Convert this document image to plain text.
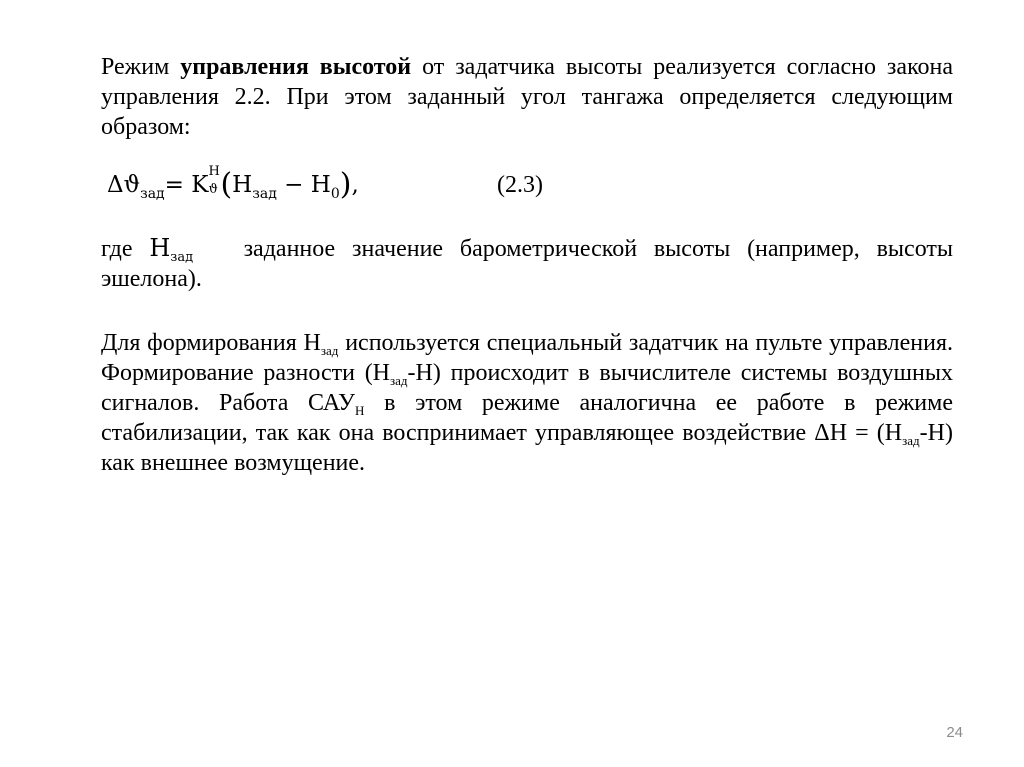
Режим управления высотой от задатчика высоты реализуется согласно закона управления 2.2. При этом заданный угол тангажа определяется следующим образом:

$\Delta ϑ_{зад}= K$
H
ϑ $(H_{зад} - H_0)$,	(2.3)

где $H_{зад}$   заданное значение барометрической высоты (например, высоты эшелона).

Для формирования $H_{зад}$ используется специальный задатчик на пульте управления. Формирование разности $(H_{зад}-H)$ происходит в вычислителе системы воздушных сигналов. Работа $САУ_H$ в этом режиме аналогична ее работе в режиме стабилизации, так как она воспринимает управляющее воздействие $\Delta H = (H_{зад}-H)$ как внешнее возмущение.

24
